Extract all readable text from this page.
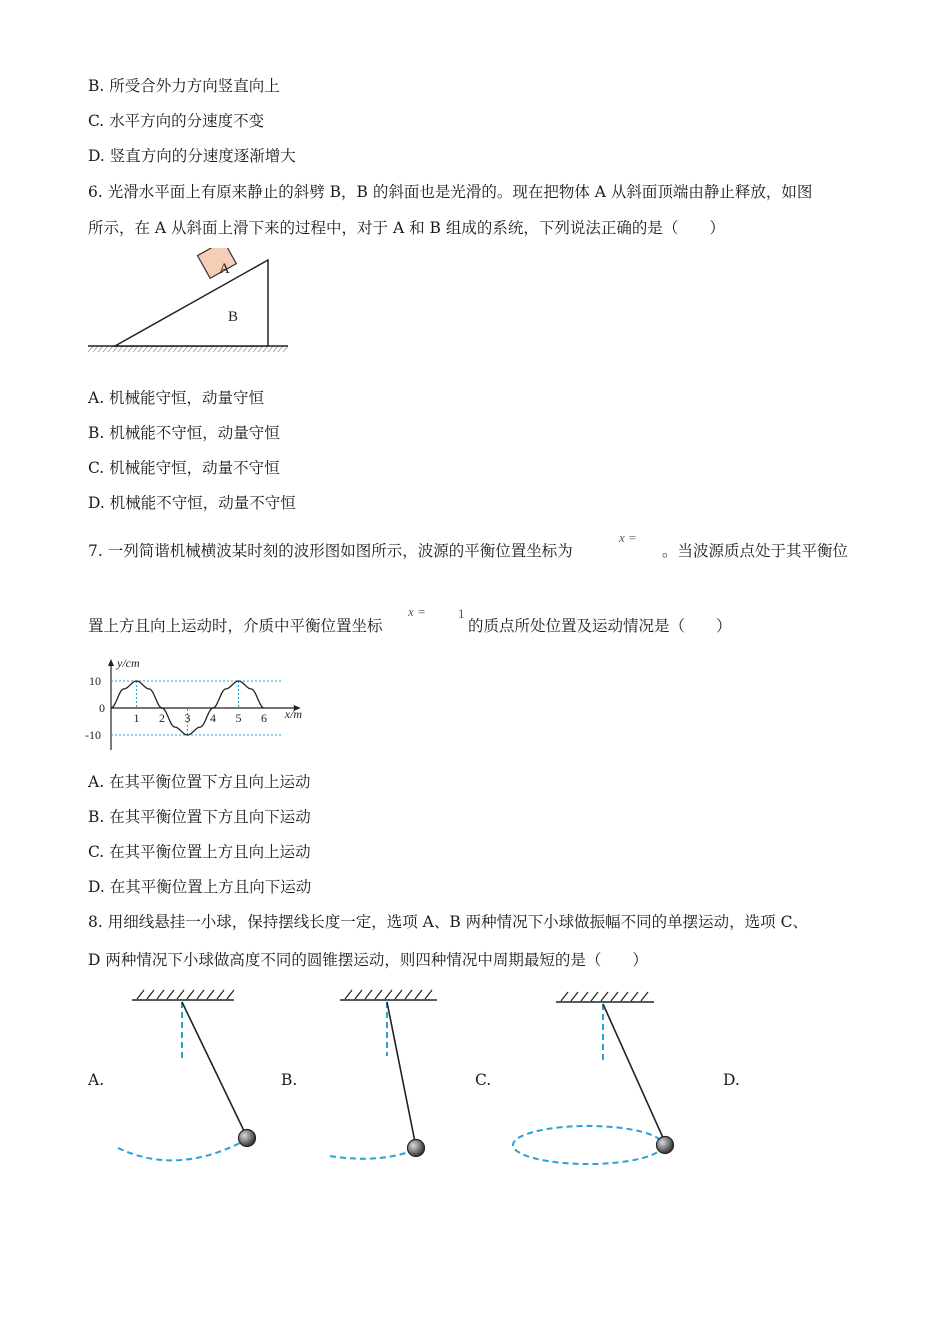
B. 所受合外力方向竖直向上
C. 水平方向的分速度不变
D. 竖直方向的分速度逐渐增大
6. 光滑水平面上有原来静止的斜劈 B，B 的斜面也是光滑的。现在把物体 A 从斜面顶端由静止释放，如图
所示，在 A 从斜面上滑下来的过程中，对于 A 和 B 组成的系统，下列说法正确的是（　　）
A
B
A. 机械能守恒，动量守恒
B. 机械能不守恒，动量守恒
C. 机械能守恒，动量不守恒
D. 机械能不守恒，动量不守恒
7. 一列简谐机械横波某时刻的波形图如图所示，波源的平衡位置坐标为
x =
。当波源质点处于其平衡位
置上方且向上运动时，介质中平衡位置坐标
x = 1
的质点所处位置及运动情况是（　　）
1 2 3 4 5 6
10
0
-10
y/cm
x/m
A. 在其平衡位置下方且向上运动
B. 在其平衡位置下方且向下运动
C. 在其平衡位置上方且向上运动
D. 在其平衡位置上方且向下运动
8. 用细线悬挂一小球，保持摆线长度一定，选项 A、B 两种情况下小球做振幅不同的单摆运动，选项 C、
D 两种情况下小球做高度不同的圆锥摆运动，则四种情况中周期最短的是（　　）
A.	B.	C.	D.
